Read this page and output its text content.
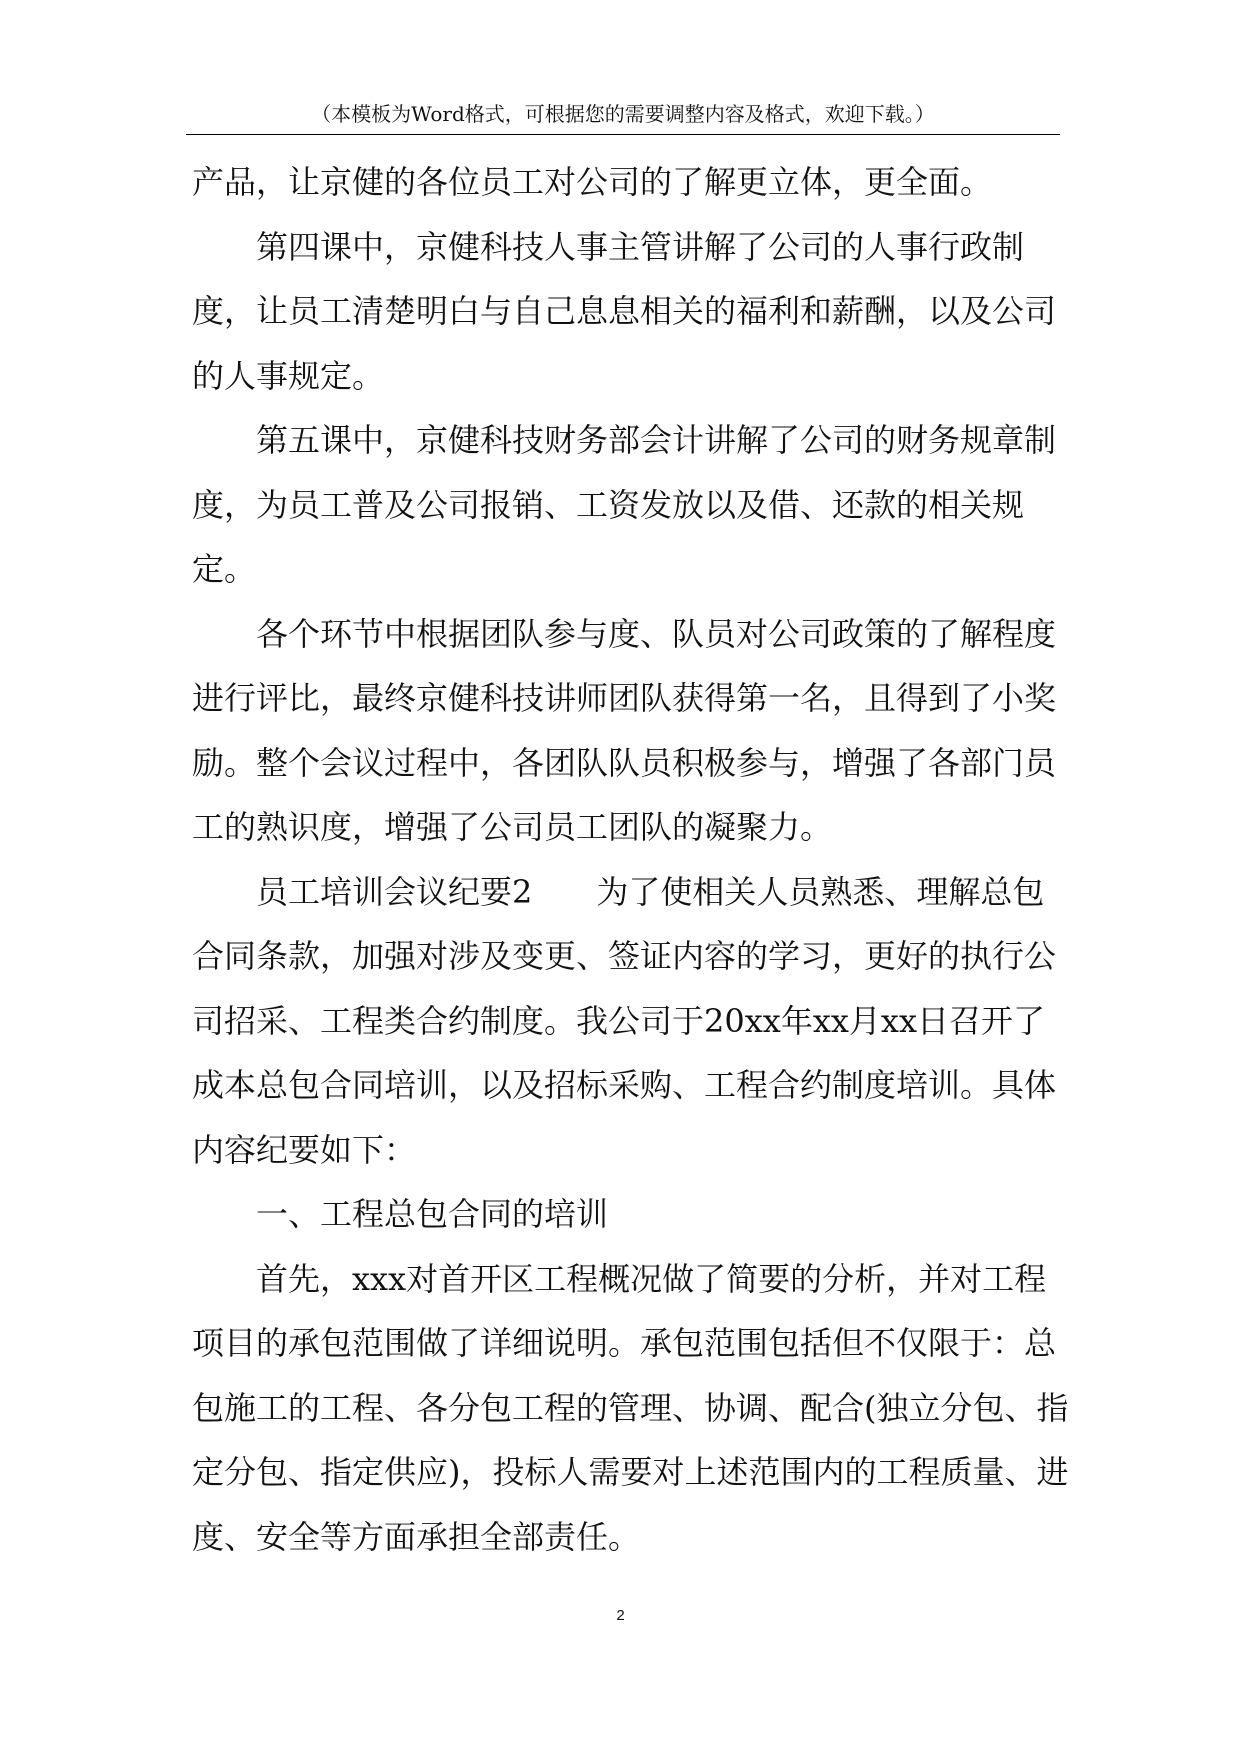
（本模板为Word格式，可根据您的需要调整内容及格式，欢迎下载。）

产品，让京健的各位员工对公司的了解更立体，更全面。

第四课中，京健科技人事主管讲解了公司的人事行政制度，让员工清楚明白与自己息息相关的福利和薪酬，以及公司的人事规定。

第五课中，京健科技财务部会计讲解了公司的财务规章制度，为员工普及公司报销、工资发放以及借、还款的相关规定。

各个环节中根据团队参与度、队员对公司政策的了解程度进行评比，最终京健科技讲师团队获得第一名，且得到了小奖励。整个会议过程中，各团队队员积极参与，增强了各部门员工的熟识度，增强了公司员工团队的凝聚力。

员工培训会议纪要2　　为了使相关人员熟悉、理解总包合同条款，加强对涉及变更、签证内容的学习，更好的执行公司招采、工程类合约制度。我公司于20xx年xx月xx日召开了成本总包合同培训，以及招标采购、工程合约制度培训。具体内容纪要如下：

一、工程总包合同的培训

首先，xxx对首开区工程概况做了简要的分析，并对工程项目的承包范围做了详细说明。承包范围包括但不仅限于：总包施工的工程、各分包工程的管理、协调、配合(独立分包、指定分包、指定供应)，投标人需要对上述范围内的工程质量、进度、安全等方面承担全部责任。

2
